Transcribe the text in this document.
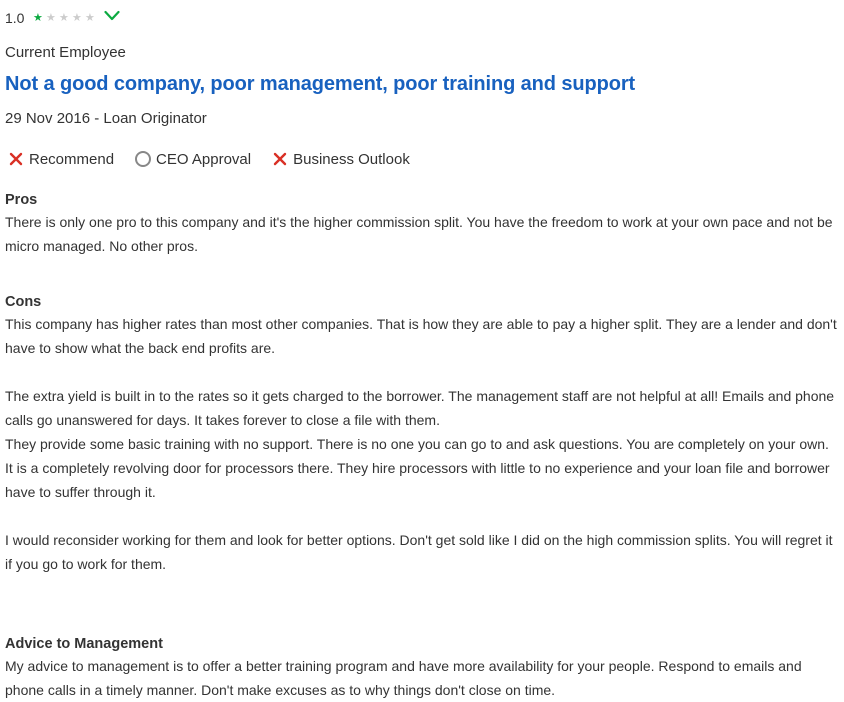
1.0 ★ ★ ★ ★ ★
Current Employee
Not a good company, poor management, poor training and support
29 Nov 2016 - Loan Originator
Recommend	CEO Approval	Business Outlook

Pros

There is only one pro to this company and it's the higher commission split. You have the freedom to work at your own pace and not be micro managed. No other pros.

Cons

This company has higher rates than most other companies. That is how they are able to pay a higher split. They are a lender and don't have to show what the back end profits are.

The extra yield is built in to the rates so it gets charged to the borrower. The management staff are not helpful at all! Emails and phone calls go unanswered for days. It takes forever to close a file with them.
They provide some basic training with no support. There is no one you can go to and ask questions. You are completely on your own.
It is a completely revolving door for processors there. They hire processors with little to no experience and your loan file and borrower have to suffer through it.

I would reconsider working for them and look for better options. Don't get sold like I did on the high commission splits. You will regret it if you go to work for them.

Advice to Management

My advice to management is to offer a better training program and have more availability for your people. Respond to emails and phone calls in a timely manner. Don't make excuses as to why things don't close on time.
